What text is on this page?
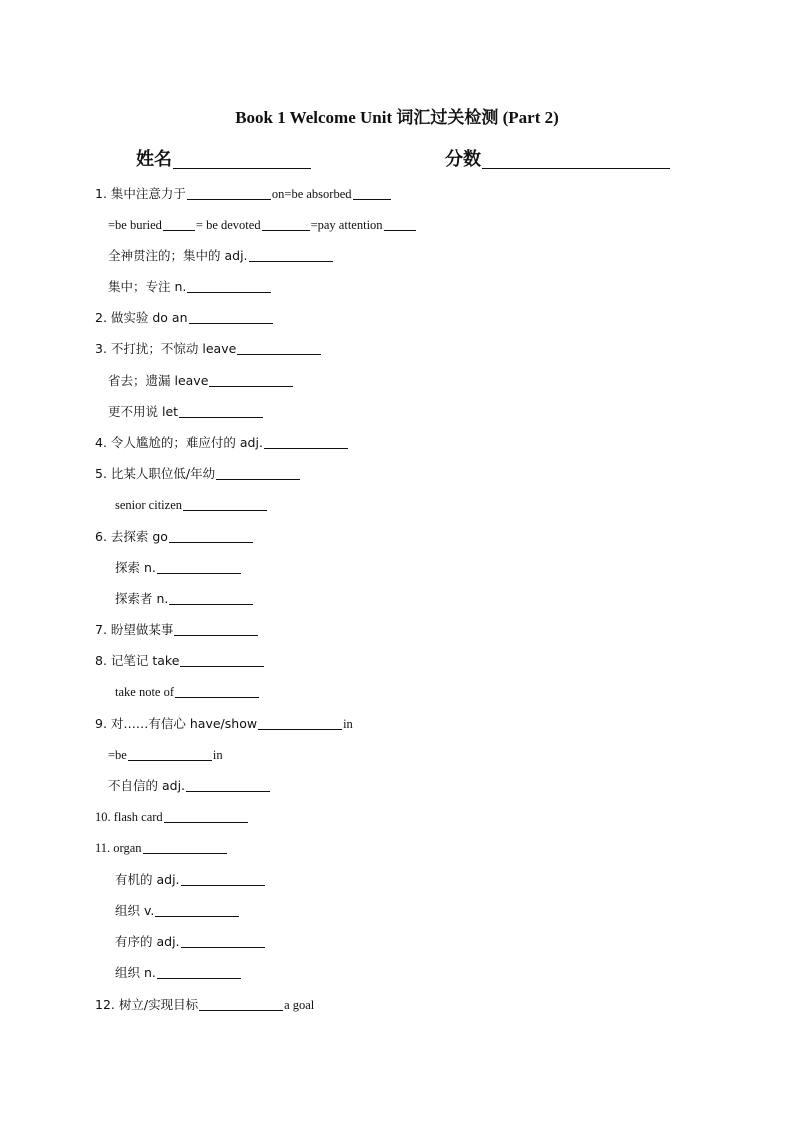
Book 1 Welcome Unit 词汇过关检测 (Part 2)
姓名	分数
1. 集中注意力于	on=be absorbed
=be buried	= be devoted	=pay attention
全神贯注的；集中的 adj.
集中；专注 n.
2. 做实验 do an
3. 不打扰；不惊动 leave
省去；遗漏 leave
更不用说 let
4. 令人尴尬的；难应付的 adj.
5. 比某人职位低/年幼
senior citizen
6. 去探索 go
探索 n.
探索者 n.
7. 盼望做某事
8. 记笔记 take
take note of
9. 对……有信心 have/show	in
=be	in
不自信的 adj.
10. flash card
11. organ
有机的 adj.
组织 v.
有序的 adj.
组织 n.
12. 树立/实现目标	a goal
